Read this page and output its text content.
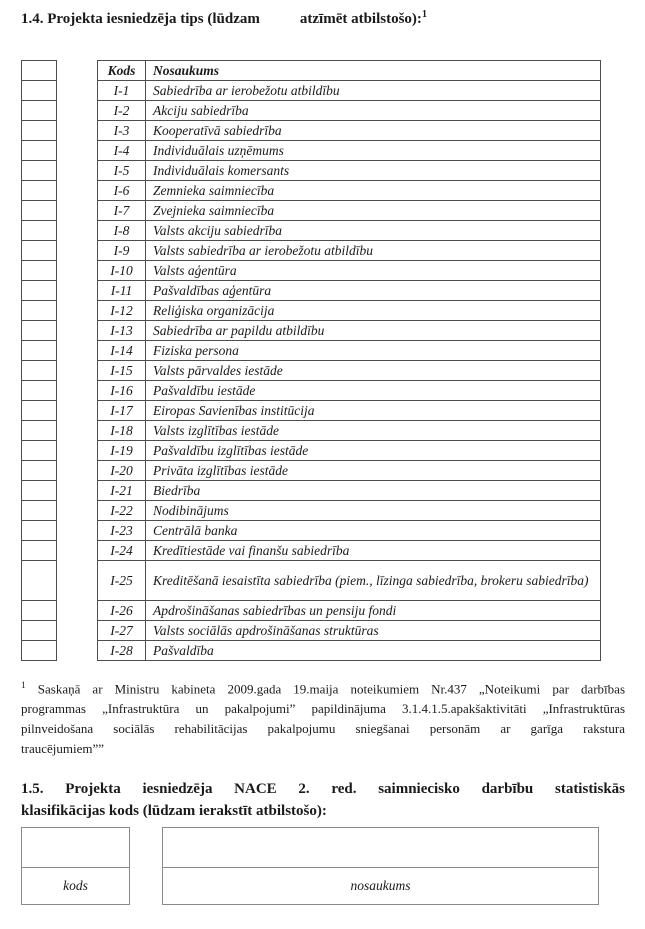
1.4. Projekta iesniedzēja tips (lūdzam	atzīmēt atbilstošo):$^1$

Kods	Nosaukums
I-1	Sabiedrība ar ierobežotu atbildību
I-2	Akciju sabiedrība
I-3	Kooperatīvā sabiedrība
I-4	Individuālais uzņēmums
I-5	Individuālais komersants
I-6	Zemnieka saimniecība
I-7	Zvejnieka saimniecība
I-8	Valsts akciju sabiedrība
I-9	Valsts sabiedrība ar ierobežotu atbildību
I-10	Valsts aģentūra
I-11	Pašvaldības aģentūra
I-12	Reliģiska organizācija
I-13	Sabiedrība ar papildu atbildību
I-14	Fiziska persona
I-15	Valsts pārvaldes iestāde
I-16	Pašvaldību iestāde
I-17	Eiropas Savienības institūcija
I-18	Valsts izglītības iestāde
I-19	Pašvaldību izglītības iestāde
I-20	Privāta izglītības iestāde
I-21	Biedrība
I-22	Nodibinājums
I-23	Centrālā banka
I-24	Kredītiestāde vai finanšu sabiedrība
I-25	Kreditēšanā iesaistīta sabiedrība (piem., līzinga sabiedrība, brokeru sabiedrība)
I-26	Apdrošināšanas sabiedrības un pensiju fondi
I-27	Valsts sociālās apdrošināšanas struktūras
I-28	Pašvaldība
$^1$ Saskaņā ar Ministru kabineta 2009.gada 19.maija noteikumiem Nr.437 „Noteikumi par darbības
programmas „Infrastruktūra un pakalpojumi” papildinājuma 3.1.4.1.5.apakšaktivitāti „Infrastruktūras
pilnveidošana sociālās rehabilitācijas pakalpojumu sniegšanai personām ar garīga rakstura
traucējumiem””
1.5. Projekta iesniedzēja NACE 2. red. saimniecisko darbību statistiskās
klasifikācijas kods (lūdzam ierakstīt atbilstošo):
kods	nosaukums
